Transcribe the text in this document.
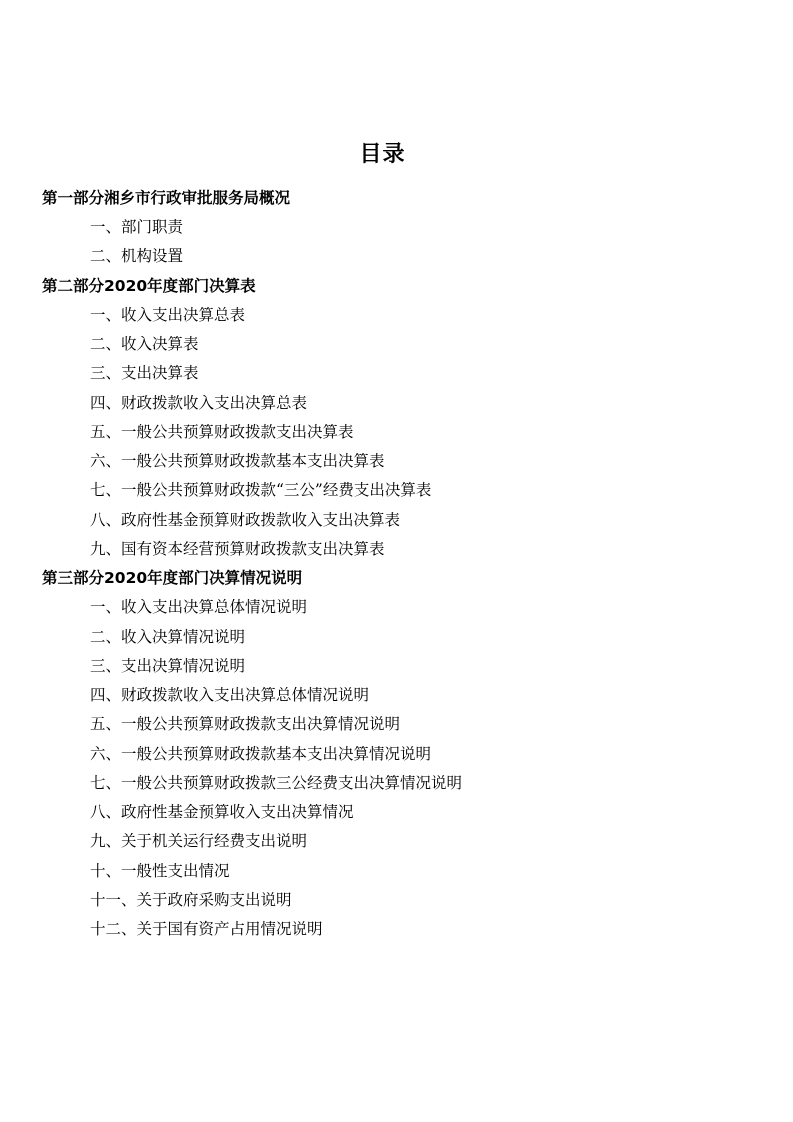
目录
第一部分湘乡市行政审批服务局概况
一、部门职责
二、机构设置
第二部分2020年度部门决算表
一、收入支出决算总表
二、收入决算表
三、支出决算表
四、财政拨款收入支出决算总表
五、一般公共预算财政拨款支出决算表
六、一般公共预算财政拨款基本支出决算表
七、一般公共预算财政拨款“三公”经费支出决算表
八、政府性基金预算财政拨款收入支出决算表
九、国有资本经营预算财政拨款支出决算表
第三部分2020年度部门决算情况说明
一、收入支出决算总体情况说明
二、收入决算情况说明
三、支出决算情况说明
四、财政拨款收入支出决算总体情况说明
五、一般公共预算财政拨款支出决算情况说明
六、一般公共预算财政拨款基本支出决算情况说明
七、一般公共预算财政拨款三公经费支出决算情况说明
八、政府性基金预算收入支出决算情况
九、关于机关运行经费支出说明
十、一般性支出情况
十一、关于政府采购支出说明
十二、关于国有资产占用情况说明
